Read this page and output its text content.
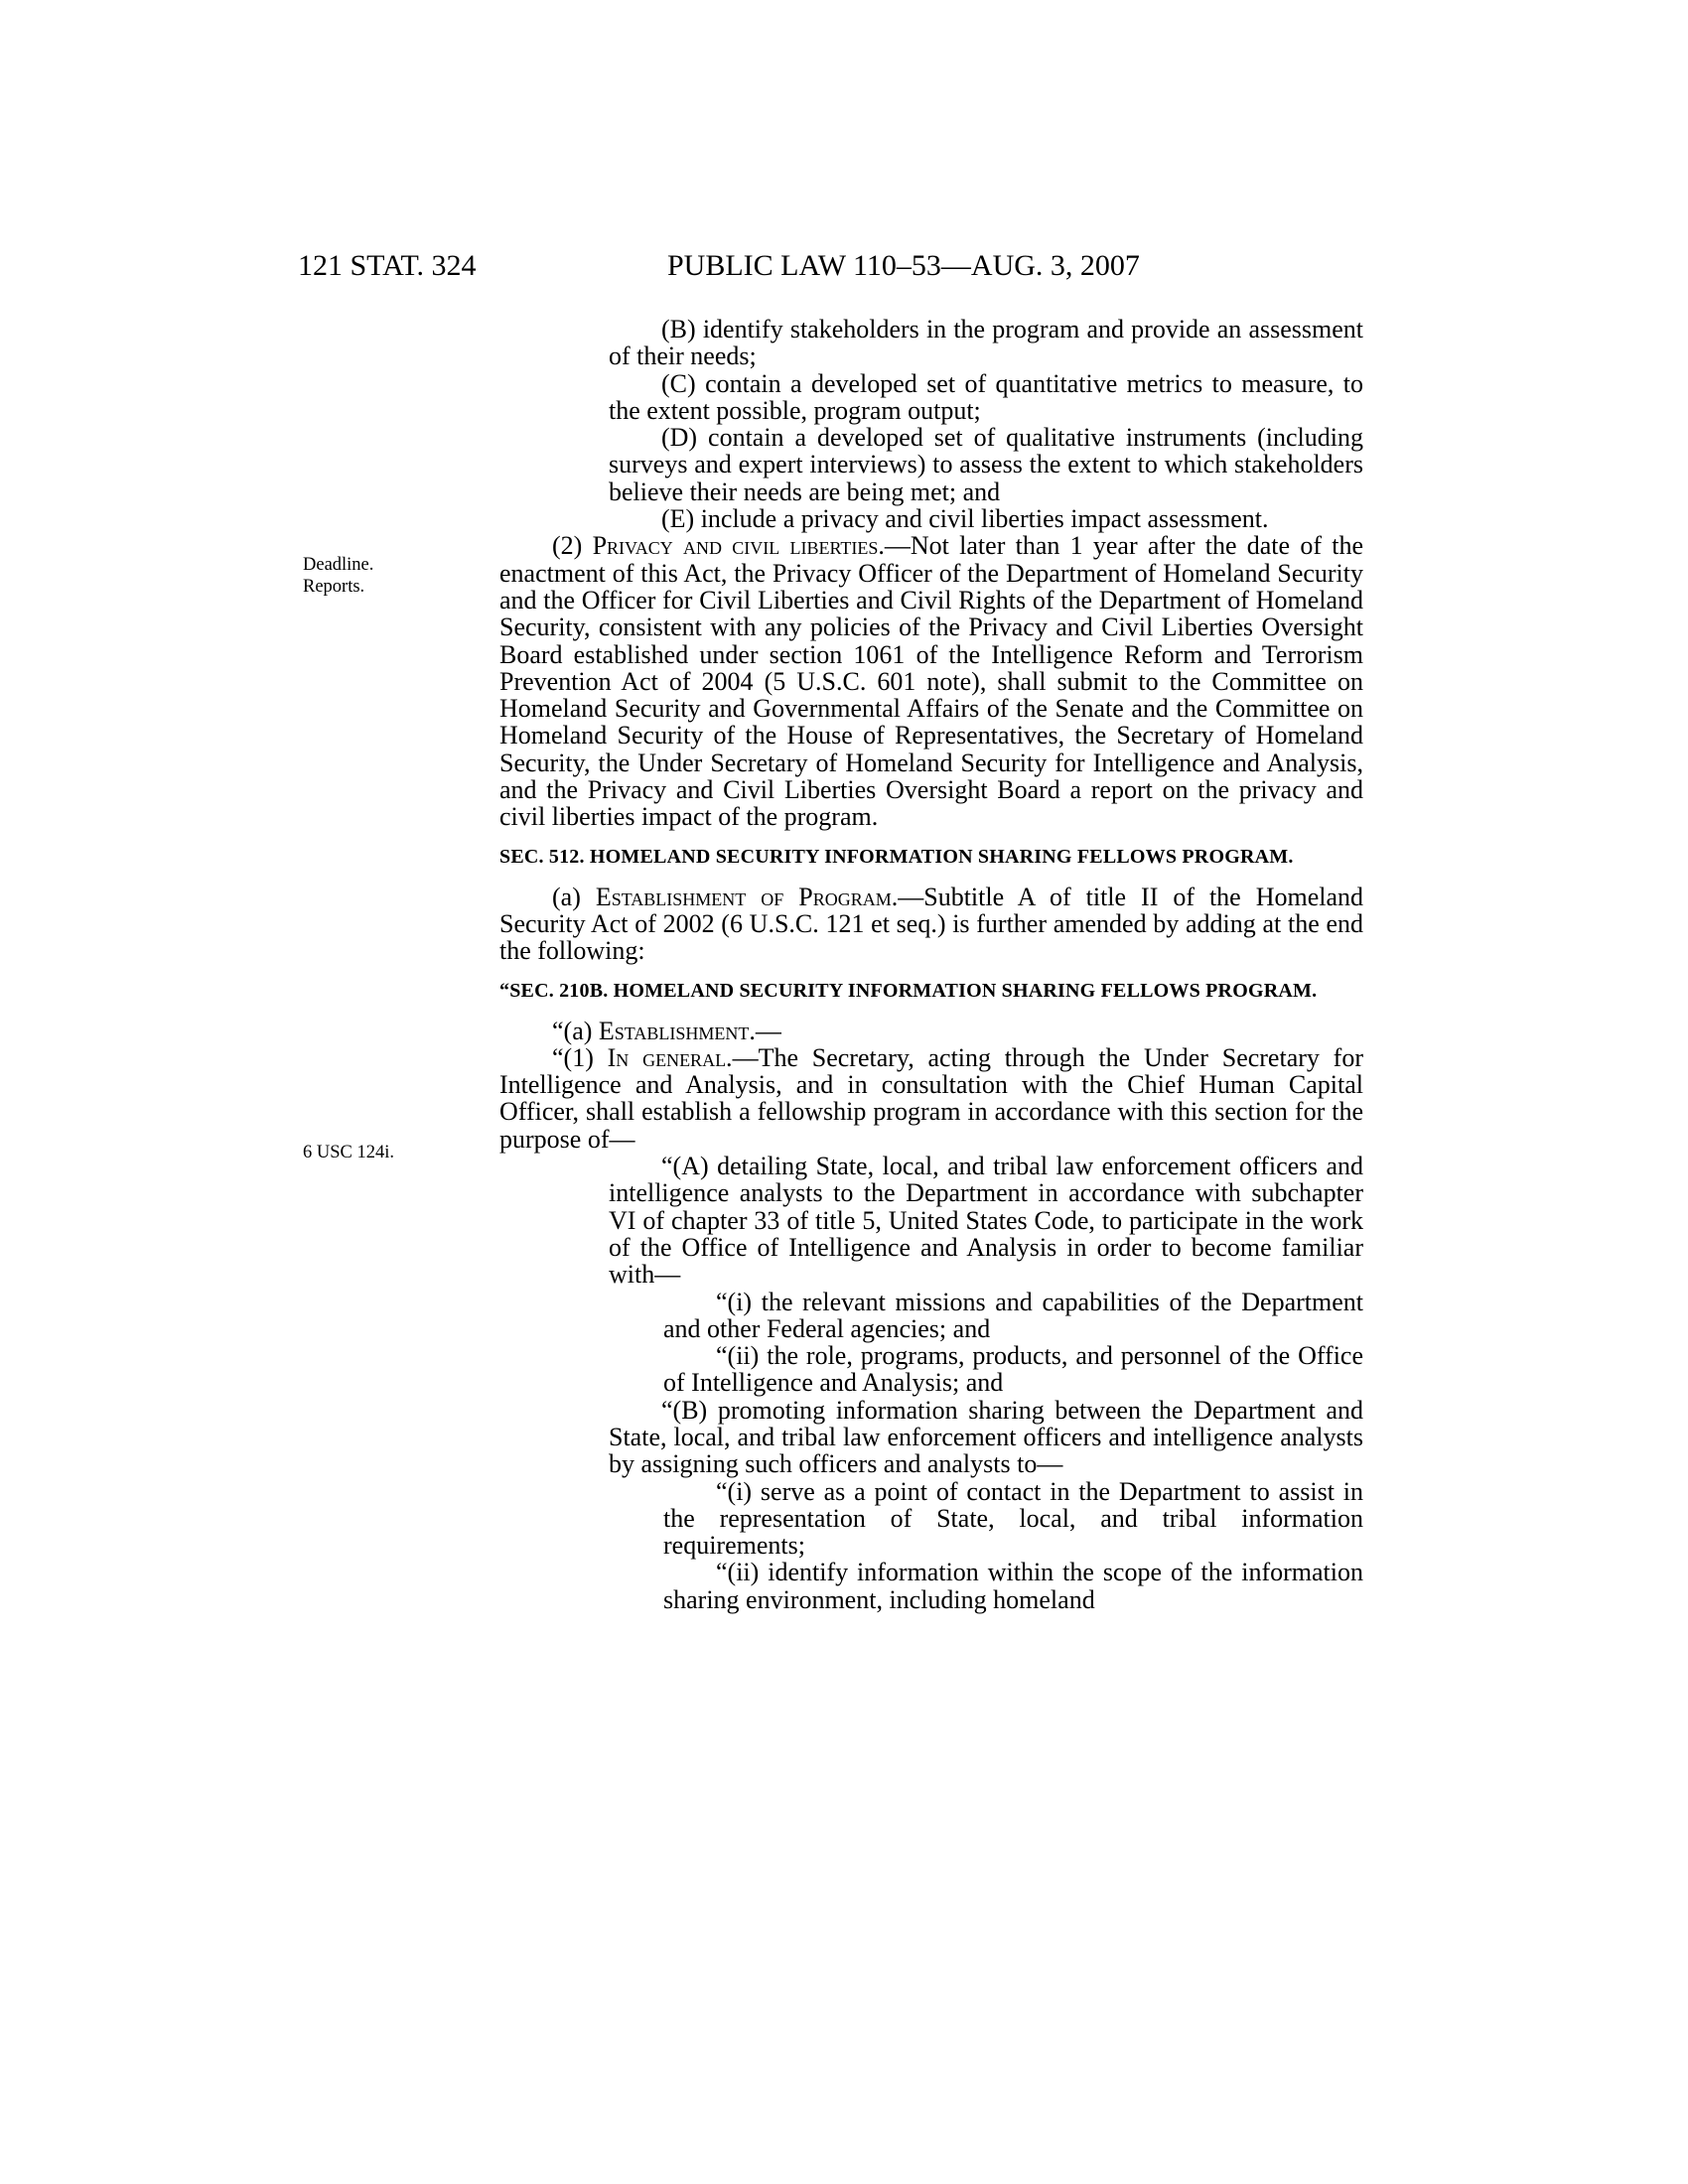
121 STAT. 324	PUBLIC LAW 110–53—AUG. 3, 2007
Deadline.
Reports.
6 USC 124i.

(B) identify stakeholders in the program and provide an assessment of their needs;

(C) contain a developed set of quantitative metrics to measure, to the extent possible, program output;

(D) contain a developed set of qualitative instruments (including surveys and expert interviews) to assess the extent to which stakeholders believe their needs are being met; and

(E) include a privacy and civil liberties impact assessment.

(2) Privacy and civil liberties.—Not later than 1 year after the date of the enactment of this Act, the Privacy Officer of the Department of Homeland Security and the Officer for Civil Liberties and Civil Rights of the Department of Homeland Security, consistent with any policies of the Privacy and Civil Liberties Oversight Board established under section 1061 of the Intelligence Reform and Terrorism Prevention Act of 2004 (5 U.S.C. 601 note), shall submit to the Committee on Homeland Security and Governmental Affairs of the Senate and the Committee on Homeland Security of the House of Representatives, the Secretary of Homeland Security, the Under Secretary of Homeland Security for Intelligence and Analysis, and the Privacy and Civil Liberties Oversight Board a report on the privacy and civil liberties impact of the program.

SEC. 512. HOMELAND SECURITY INFORMATION SHARING FELLOWS PROGRAM.

(a) Establishment of Program.—Subtitle A of title II of the Homeland Security Act of 2002 (6 U.S.C. 121 et seq.) is further amended by adding at the end the following:

“SEC. 210B. HOMELAND SECURITY INFORMATION SHARING FELLOWS PROGRAM.

“(a) Establishment.—

“(1) In general.—The Secretary, acting through the Under Secretary for Intelligence and Analysis, and in consultation with the Chief Human Capital Officer, shall establish a fellowship program in accordance with this section for the purpose of—

“(A) detailing State, local, and tribal law enforcement officers and intelligence analysts to the Department in accordance with subchapter VI of chapter 33 of title 5, United States Code, to participate in the work of the Office of Intelligence and Analysis in order to become familiar with—

“(i) the relevant missions and capabilities of the Department and other Federal agencies; and

“(ii) the role, programs, products, and personnel of the Office of Intelligence and Analysis; and

“(B) promoting information sharing between the Department and State, local, and tribal law enforcement officers and intelligence analysts by assigning such officers and analysts to—

“(i) serve as a point of contact in the Department to assist in the representation of State, local, and tribal information requirements;

“(ii) identify information within the scope of the information sharing environment, including homeland
